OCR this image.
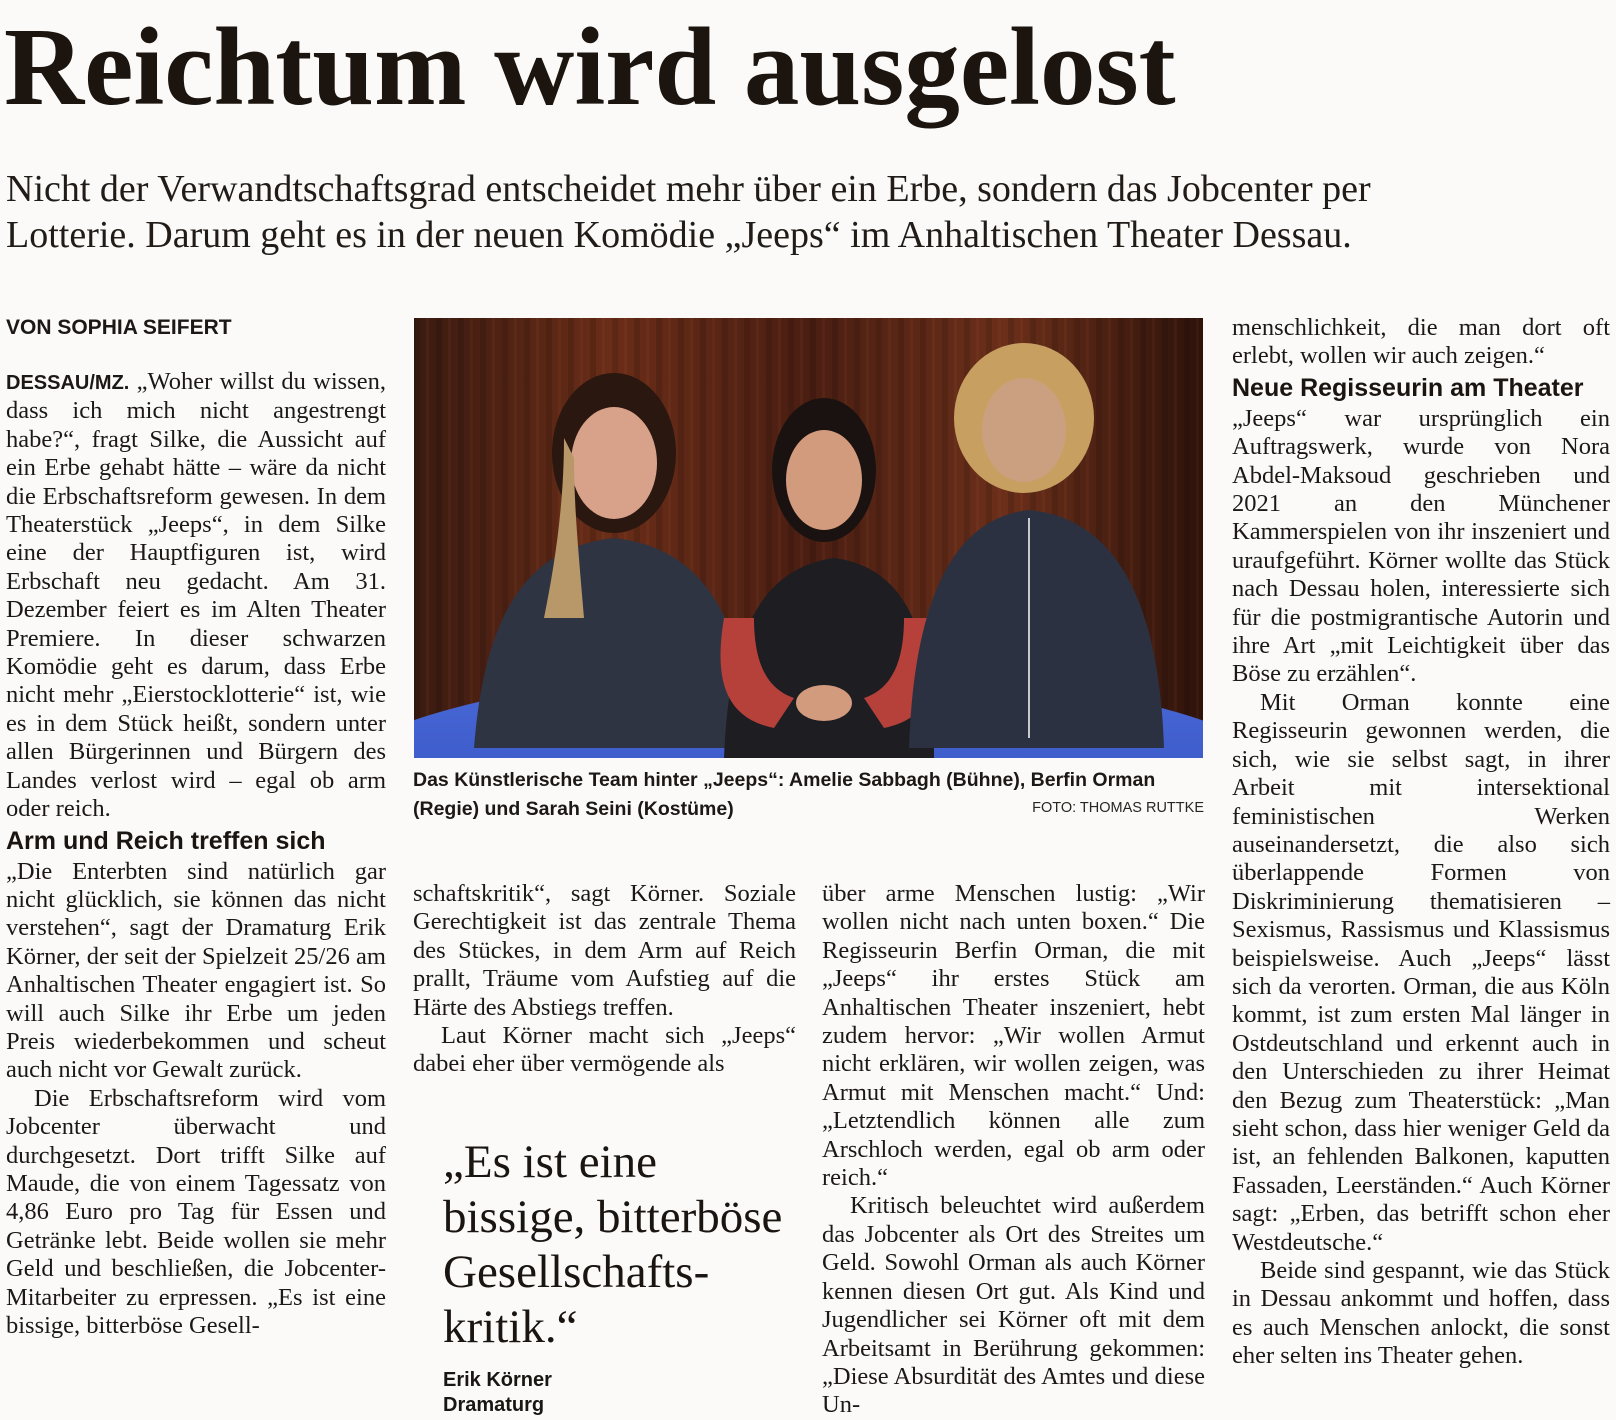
Reichtum wird ausgelost

Nicht der Verwandtschaftsgrad entscheidet mehr über ein Erbe, sondern das Jobcenter per

Lotterie. Darum geht es in der neuen Komödie „Jeeps“ im Anhaltischen Theater Dessau.

VON SOPHIA SEIFERT

DESSAU/MZ. „Woher willst du wissen, dass ich mich nicht angestrengt habe?“, fragt Silke, die Aussicht auf ein Erbe gehabt hätte – wäre da nicht die Erbschaftsreform gewesen. In dem Theaterstück „Jeeps“, in dem Silke eine der Hauptfiguren ist, wird Erbschaft neu gedacht. Am 31. Dezember feiert es im Alten Theater Premiere. In dieser schwarzen Komödie geht es darum, dass Erbe nicht mehr „Eierstocklotterie“ ist, wie es in dem Stück heißt, sondern unter allen Bürgerinnen und Bürgern des Landes verlost wird – egal ob arm oder reich.

Arm und Reich treffen sich

„Die Enterbten sind natürlich gar nicht glücklich, sie können das nicht verstehen“, sagt der Dramaturg Erik Körner, der seit der Spielzeit 25/26 am Anhaltischen Theater engagiert ist. So will auch Silke ihr Erbe um jeden Preis wiederbekommen und scheut auch nicht vor Gewalt zurück.

Die Erbschaftsreform wird vom Jobcenter überwacht und durchgesetzt. Dort trifft Silke auf Maude, die von einem Tagessatz von 4,86 Euro pro Tag für Essen und Getränke lebt. Beide wollen sie mehr Geld und beschließen, die Jobcenter-Mitarbeiter zu erpressen. „Es ist eine bissige, bitterböse Gesell-

Das Künstlerische Team hinter „Jeeps“: Amelie Sabbagh (Bühne), Berfin Orman

(Regie) und Sarah Seini (Kostüme)	FOTO: THOMAS RUTTKE

schaftskritik“, sagt Körner. Soziale Gerechtigkeit ist das zentrale Thema des Stückes, in dem Arm auf Reich prallt, Träume vom Aufstieg auf die Härte des Abstiegs treffen.

Laut Körner macht sich „Jeeps“ dabei eher über vermögende als

„Es ist eine

bissige, bitterböse

Gesellschafts-

kritik.“

Erik Körner
Dramaturg

über arme Menschen lustig: „Wir wollen nicht nach unten boxen.“ Die Regisseurin Berfin Orman, die mit „Jeeps“ ihr erstes Stück am Anhaltischen Theater inszeniert, hebt zudem hervor: „Wir wollen Armut nicht erklären, wir wollen zeigen, was Armut mit Menschen macht.“ Und: „Letztendlich können alle zum Arschloch werden, egal ob arm oder reich.“

Kritisch beleuchtet wird außerdem das Jobcenter als Ort des Streites um Geld. Sowohl Orman als auch Körner kennen diesen Ort gut. Als Kind und Jugendlicher sei Körner oft mit dem Arbeitsamt in Berührung gekommen: „Diese Absurdität des Amtes und diese Un-

menschlichkeit, die man dort oft erlebt, wollen wir auch zeigen.“

Neue Regisseurin am Theater

„Jeeps“ war ursprünglich ein Auftragswerk, wurde von Nora Abdel-Maksoud geschrieben und 2021 an den Münchener Kammerspielen von ihr inszeniert und uraufgeführt. Körner wollte das Stück nach Dessau holen, interessierte sich für die postmigrantische Autorin und ihre Art „mit Leichtigkeit über das Böse zu erzählen“.

Mit Orman konnte eine Regisseurin gewonnen werden, die sich, wie sie selbst sagt, in ihrer Arbeit mit intersektional feministischen Werken auseinandersetzt, die also sich überlappende Formen von Diskriminierung thematisieren – Sexismus, Rassismus und Klassismus beispielsweise. Auch „Jeeps“ lässt sich da verorten. Orman, die aus Köln kommt, ist zum ersten Mal länger in Ostdeutschland und erkennt auch in den Unterschieden zu ihrer Heimat den Bezug zum Theaterstück: „Man sieht schon, dass hier weniger Geld da ist, an fehlenden Balkonen, kaputten Fassaden, Leerständen.“ Auch Körner sagt: „Erben, das betrifft schon eher Westdeutsche.“

Beide sind gespannt, wie das Stück in Dessau ankommt und hoffen, dass es auch Menschen anlockt, die sonst eher selten ins Theater gehen.
